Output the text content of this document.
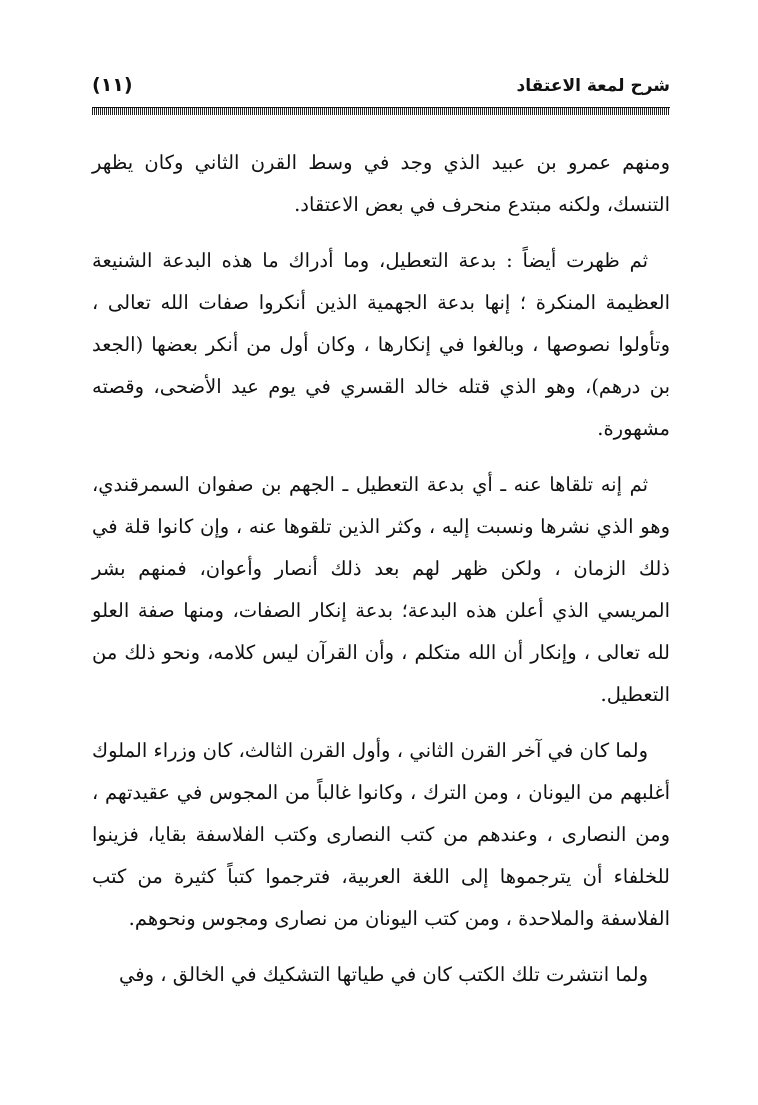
شرح لمعة الاعتقاد
(١١)

ومنهم عمرو بن عبيد الذي وجد في وسط القرن الثاني وكان يظهر التنسك، ولكنه مبتدع منحرف في بعض الاعتقاد.

ثم ظهرت أيضاً : بدعة التعطيل، وما أدراك ما هذه البدعة الشنيعة العظيمة المنكرة ؛ إنها بدعة الجهمية الذين أنكروا صفات الله تعالى ، وتأولوا نصوصها ، وبالغوا في إنكارها ، وكان أول من أنكر بعضها (الجعد بن درهم)، وهو الذي قتله خالد القسري في يوم عيد الأضحى، وقصته مشهورة.

ثم إنه تلقاها عنه ـ أي بدعة التعطيل ـ الجهم بن صفوان السمرقندي، وهو الذي نشرها ونسبت إليه ، وكثر الذين تلقوها عنه ، وإن كانوا قلة في ذلك الزمان ، ولكن ظهر لهم بعد ذلك أنصار وأعوان، فمنهم بشر المريسي الذي أعلن هذه البدعة؛ بدعة إنكار الصفات، ومنها صفة العلو لله تعالى ، وإنكار أن الله متكلم ، وأن القرآن ليس كلامه، ونحو ذلك من التعطيل.

ولما كان في آخر القرن الثاني ، وأول القرن الثالث، كان وزراء الملوك أغلبهم من اليونان ، ومن الترك ، وكانوا غالباً من المجوس في عقيدتهم ، ومن النصارى ، وعندهم من كتب النصارى وكتب الفلاسفة بقايا، فزينوا للخلفاء أن يترجموها إلى اللغة العربية، فترجموا كتباً كثيرة من كتب الفلاسفة والملاحدة ، ومن كتب اليونان من نصارى ومجوس ونحوهم.

ولما انتشرت تلك الكتب كان في طياتها التشكيك في الخالق ، وفي
